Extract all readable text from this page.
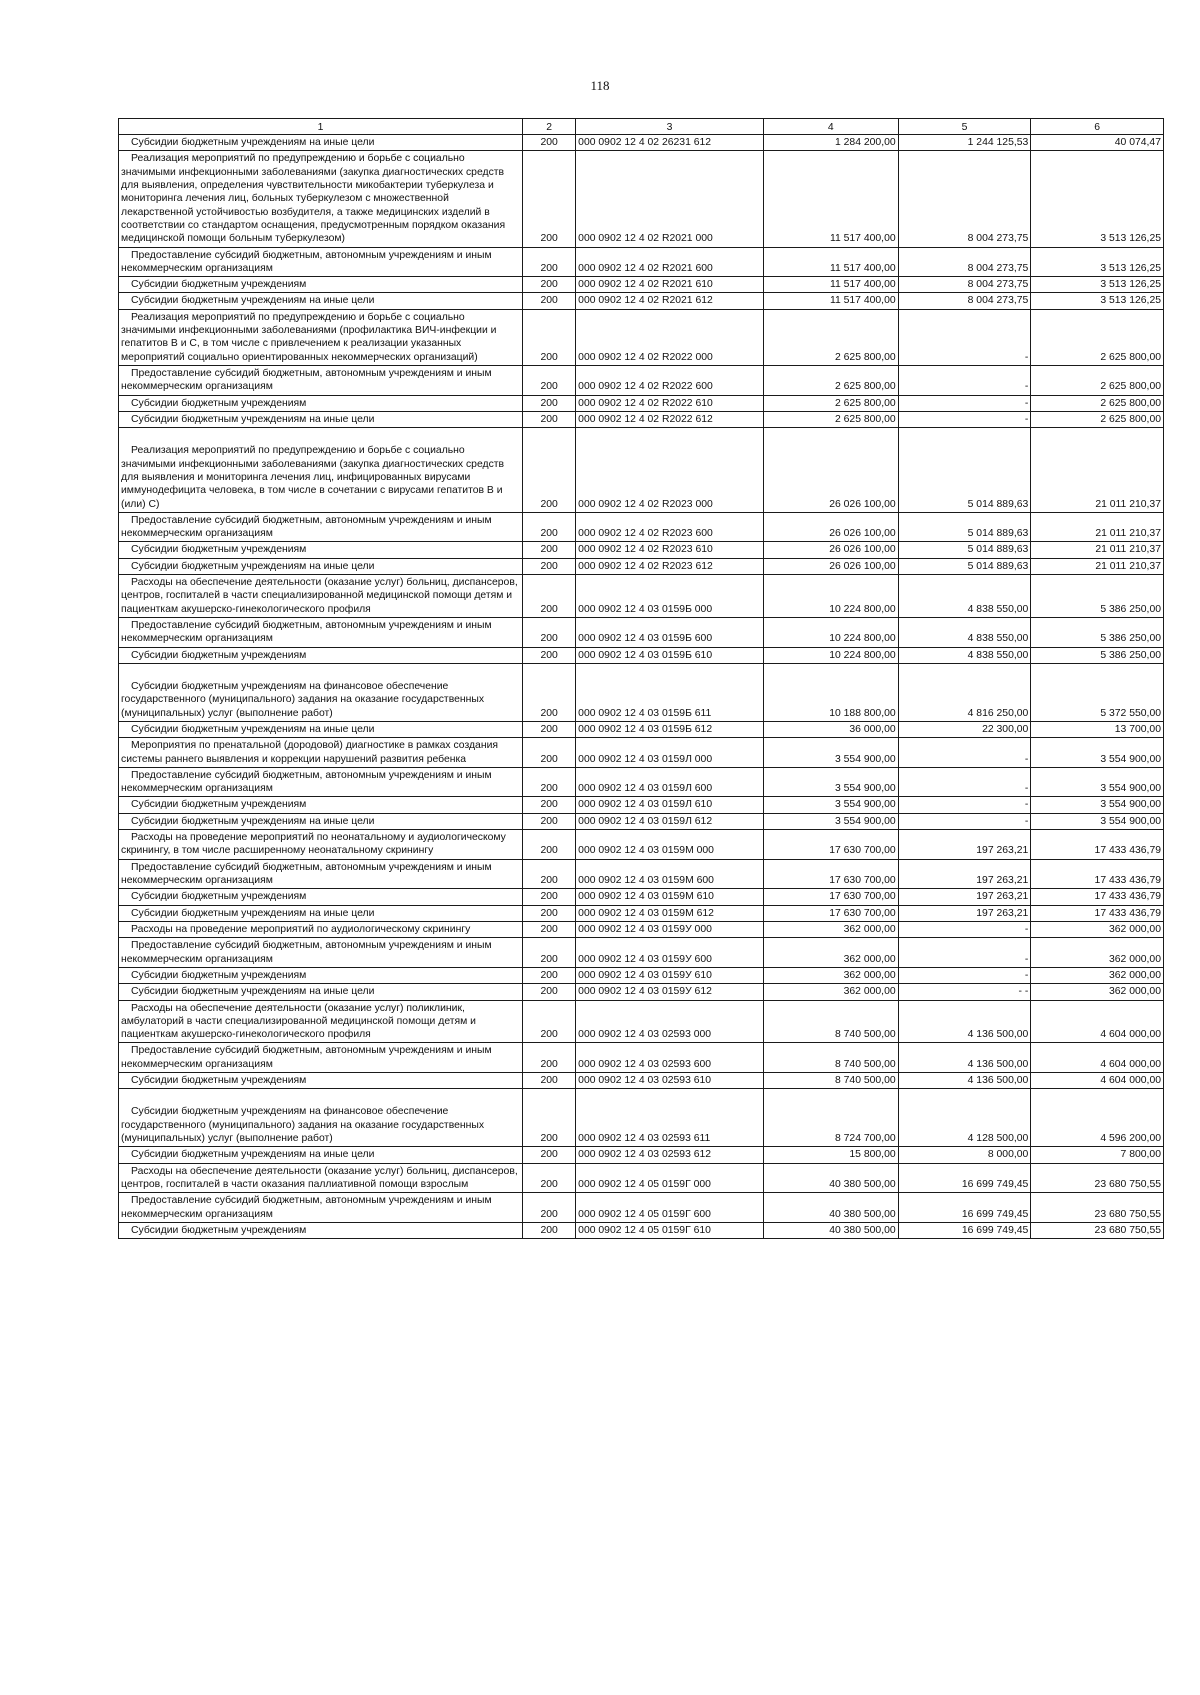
118
1	2	3	4	5	6

Субсидии бюджетным учреждениям на иные цели	200	000 0902 12 4 02 26231 612	1 284 200,00	1 244 125,53	40 074,47

Реализация мероприятий по предупреждению и борьбе с социально значимыми инфекционными заболеваниями (закупка диагностических средств для выявления, определения чувствительности микобактерии туберкулеза и мониторинга лечения лиц, больных туберкулезом с множественной лекарственной устойчивостью возбудителя, а также медицинских изделий в соответствии со стандартом оснащения, предусмотренным порядком оказания медицинской помощи больным туберкулезом)	200	000 0902 12 4 02 R2021 000	11 517 400,00	8 004 273,75	3 513 126,25

Предоставление субсидий бюджетным, автономным учреждениям и иным некоммерческим организациям	200	000 0902 12 4 02 R2021 600	11 517 400,00	8 004 273,75	3 513 126,25

Субсидии бюджетным учреждениям	200	000 0902 12 4 02 R2021 610	11 517 400,00	8 004 273,75	3 513 126,25

Субсидии бюджетным учреждениям на иные цели	200	000 0902 12 4 02 R2021 612	11 517 400,00	8 004 273,75	3 513 126,25

Реализация мероприятий по предупреждению и борьбе с социально значимыми инфекционными заболеваниями (профилактика ВИЧ-инфекции и гепатитов В и С, в том числе с привлечением к реализации указанных мероприятий социально ориентированных некоммерческих организаций)	200	000 0902 12 4 02 R2022 000	2 625 800,00	-	2 625 800,00

Предоставление субсидий бюджетным, автономным учреждениям и иным некоммерческим организациям	200	000 0902 12 4 02 R2022 600	2 625 800,00	-	2 625 800,00

Субсидии бюджетным учреждениям	200	000 0902 12 4 02 R2022 610	2 625 800,00	-	2 625 800,00

Субсидии бюджетным учреждениям на иные цели	200	000 0902 12 4 02 R2022 612	2 625 800,00	-	2 625 800,00

Реализация мероприятий по предупреждению и борьбе с социально значимыми инфекционными заболеваниями (закупка диагностических средств для выявления и мониторинга лечения лиц, инфицированных вирусами иммунодефицита человека, в том числе в сочетании с вирусами гепатитов В и (или) С)	200	000 0902 12 4 02 R2023 000	26 026 100,00	5 014 889,63	21 011 210,37

Предоставление субсидий бюджетным, автономным учреждениям и иным некоммерческим организациям	200	000 0902 12 4 02 R2023 600	26 026 100,00	5 014 889,63	21 011 210,37

Субсидии бюджетным учреждениям	200	000 0902 12 4 02 R2023 610	26 026 100,00	5 014 889,63	21 011 210,37

Субсидии бюджетным учреждениям на иные цели	200	000 0902 12 4 02 R2023 612	26 026 100,00	5 014 889,63	21 011 210,37

Расходы на обеспечение деятельности (оказание услуг) больниц, диспансеров, центров, госпиталей в части специализированной медицинской помощи детям и пациенткам акушерско-гинекологического профиля	200	000 0902 12 4 03 0159Б 000	10 224 800,00	4 838 550,00	5 386 250,00

Предоставление субсидий бюджетным, автономным учреждениям и иным некоммерческим организациям	200	000 0902 12 4 03 0159Б 600	10 224 800,00	4 838 550,00	5 386 250,00

Субсидии бюджетным учреждениям	200	000 0902 12 4 03 0159Б 610	10 224 800,00	4 838 550,00	5 386 250,00

Субсидии бюджетным учреждениям на финансовое обеспечение государственного (муниципального) задания на оказание государственных (муниципальных) услуг (выполнение работ)	200	000 0902 12 4 03 0159Б 611	10 188 800,00	4 816 250,00	5 372 550,00

Субсидии бюджетным учреждениям на иные цели	200	000 0902 12 4 03 0159Б 612	36 000,00	22 300,00	13 700,00

Мероприятия по пренатальной (дородовой) диагностике в рамках создания системы раннего выявления и коррекции нарушений развития ребенка	200	000 0902 12 4 03 0159Л 000	3 554 900,00	-	3 554 900,00

Предоставление субсидий бюджетным, автономным учреждениям и иным некоммерческим организациям	200	000 0902 12 4 03 0159Л 600	3 554 900,00	-	3 554 900,00

Субсидии бюджетным учреждениям	200	000 0902 12 4 03 0159Л 610	3 554 900,00	-	3 554 900,00

Субсидии бюджетным учреждениям на иные цели	200	000 0902 12 4 03 0159Л 612	3 554 900,00	-	3 554 900,00

Расходы на проведение мероприятий по неонатальному и аудиологическому скринингу, в том числе расширенному неонатальному скринингу	200	000 0902 12 4 03 0159М 000	17 630 700,00	197 263,21	17 433 436,79

Предоставление субсидий бюджетным, автономным учреждениям и иным некоммерческим организациям	200	000 0902 12 4 03 0159М 600	17 630 700,00	197 263,21	17 433 436,79

Субсидии бюджетным учреждениям	200	000 0902 12 4 03 0159М 610	17 630 700,00	197 263,21	17 433 436,79

Субсидии бюджетным учреждениям на иные цели	200	000 0902 12 4 03 0159М 612	17 630 700,00	197 263,21	17 433 436,79

Расходы на проведение мероприятий по аудиологическому скринингу	200	000 0902 12 4 03 0159У 000	362 000,00	-	362 000,00

Предоставление субсидий бюджетным, автономным учреждениям и иным некоммерческим организациям	200	000 0902 12 4 03 0159У 600	362 000,00	-	362 000,00

Субсидии бюджетным учреждениям	200	000 0902 12 4 03 0159У 610	362 000,00	-	362 000,00

Субсидии бюджетным учреждениям на иные цели	200	000 0902 12 4 03 0159У 612	362 000,00	- -	362 000,00

Расходы на обеспечение деятельности (оказание услуг) поликлиник, амбулаторий в части специализированной медицинской помощи детям и пациенткам акушерско-гинекологического профиля	200	000 0902 12 4 03 02593 000	8 740 500,00	4 136 500,00	4 604 000,00

Предоставление субсидий бюджетным, автономным учреждениям и иным некоммерческим организациям	200	000 0902 12 4 03 02593 600	8 740 500,00	4 136 500,00	4 604 000,00

Субсидии бюджетным учреждениям	200	000 0902 12 4 03 02593 610	8 740 500,00	4 136 500,00	4 604 000,00

Субсидии бюджетным учреждениям на финансовое обеспечение государственного (муниципального) задания на оказание государственных (муниципальных) услуг (выполнение работ)	200	000 0902 12 4 03 02593 611	8 724 700,00	4 128 500,00	4 596 200,00

Субсидии бюджетным учреждениям на иные цели	200	000 0902 12 4 03 02593 612	15 800,00	8 000,00	7 800,00

Расходы на обеспечение деятельности (оказание услуг) больниц, диспансеров, центров, госпиталей в части оказания паллиативной помощи взрослым	200	000 0902 12 4 05 0159Г 000	40 380 500,00	16 699 749,45	23 680 750,55

Предоставление субсидий бюджетным, автономным учреждениям и иным некоммерческим организациям	200	000 0902 12 4 05 0159Г 600	40 380 500,00	16 699 749,45	23 680 750,55

Субсидии бюджетным учреждениям	200	000 0902 12 4 05 0159Г 610	40 380 500,00	16 699 749,45	23 680 750,55
